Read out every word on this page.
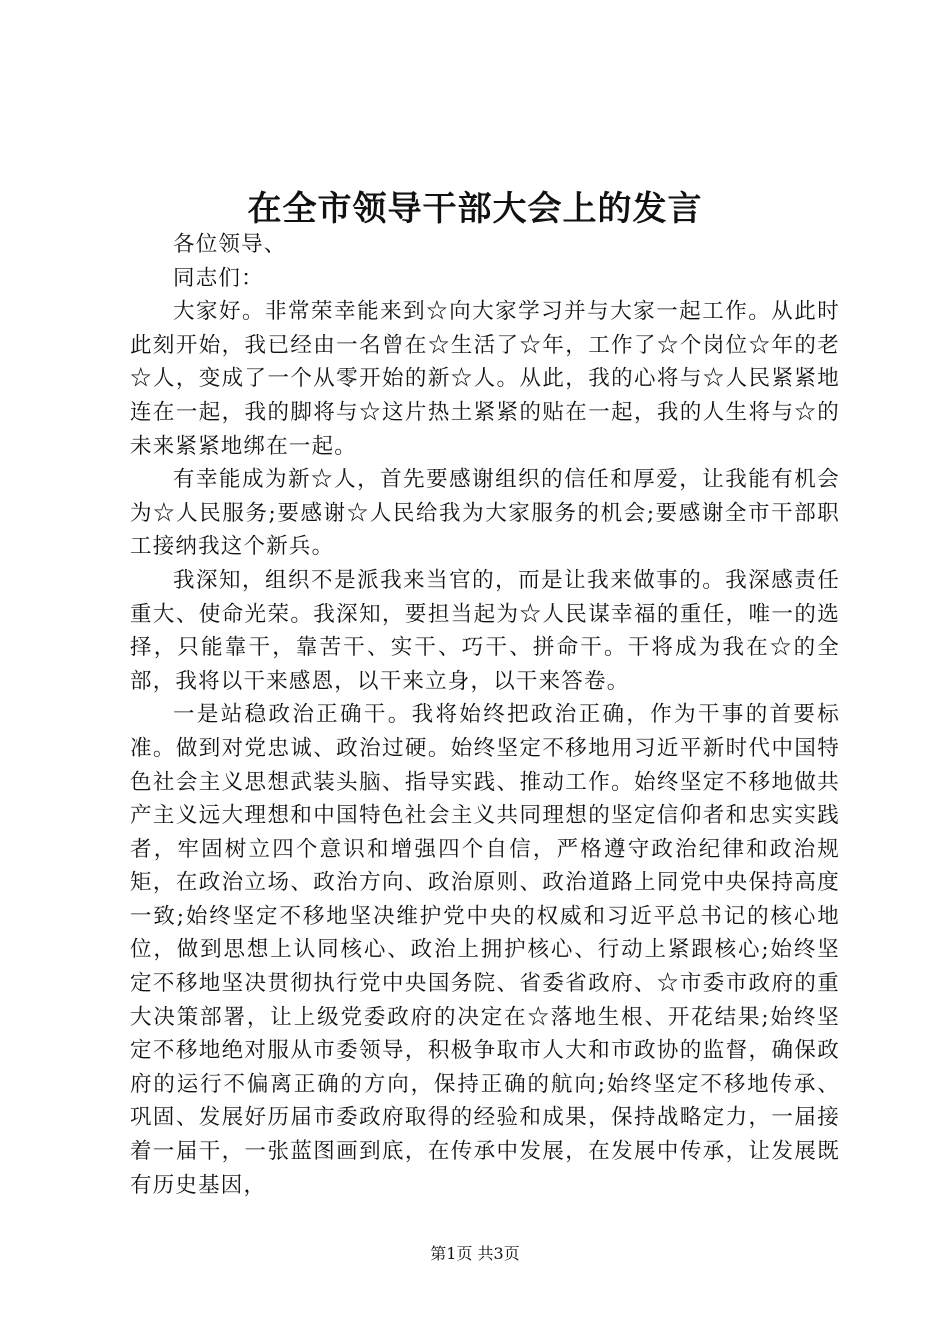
在全市领导干部大会上的发言

各位领导、

同志们：

大家好。非常荣幸能来到☆向大家学习并与大家一起工作。从此时此刻开始，我已经由一名曾在☆生活了☆年，工作了☆个岗位☆年的老☆人，变成了一个从零开始的新☆人。从此，我的心将与☆人民紧紧地连在一起，我的脚将与☆这片热土紧紧的贴在一起，我的人生将与☆的未来紧紧地绑在一起。

有幸能成为新☆人，首先要感谢组织的信任和厚爱，让我能有机会为☆人民服务;要感谢☆人民给我为大家服务的机会;要感谢全市干部职工接纳我这个新兵。

我深知，组织不是派我来当官的，而是让我来做事的。我深感责任重大、使命光荣。我深知，要担当起为☆人民谋幸福的重任，唯一的选择，只能靠干，靠苦干、实干、巧干、拼命干。干将成为我在☆的全部，我将以干来感恩，以干来立身，以干来答卷。

一是站稳政治正确干。我将始终把政治正确，作为干事的首要标准。做到对党忠诚、政治过硬。始终坚定不移地用习近平新时代中国特色社会主义思想武装头脑、指导实践、推动工作。始终坚定不移地做共产主义远大理想和中国特色社会主义共同理想的坚定信仰者和忠实实践者，牢固树立四个意识和增强四个自信，严格遵守政治纪律和政治规矩，在政治立场、政治方向、政治原则、政治道路上同党中央保持高度一致;始终坚定不移地坚决维护党中央的权威和习近平总书记的核心地位，做到思想上认同核心、政治上拥护核心、行动上紧跟核心;始终坚定不移地坚决贯彻执行党中央国务院、省委省政府、☆市委市政府的重大决策部署，让上级党委政府的决定在☆落地生根、开花结果;始终坚定不移地绝对服从市委领导，积极争取市人大和市政协的监督，确保政府的运行不偏离正确的方向，保持正确的航向;始终坚定不移地传承、巩固、发展好历届市委政府取得的经验和成果，保持战略定力，一届接着一届干，一张蓝图画到底，在传承中发展，在发展中传承，让发展既有历史基因，

第1页 共3页
